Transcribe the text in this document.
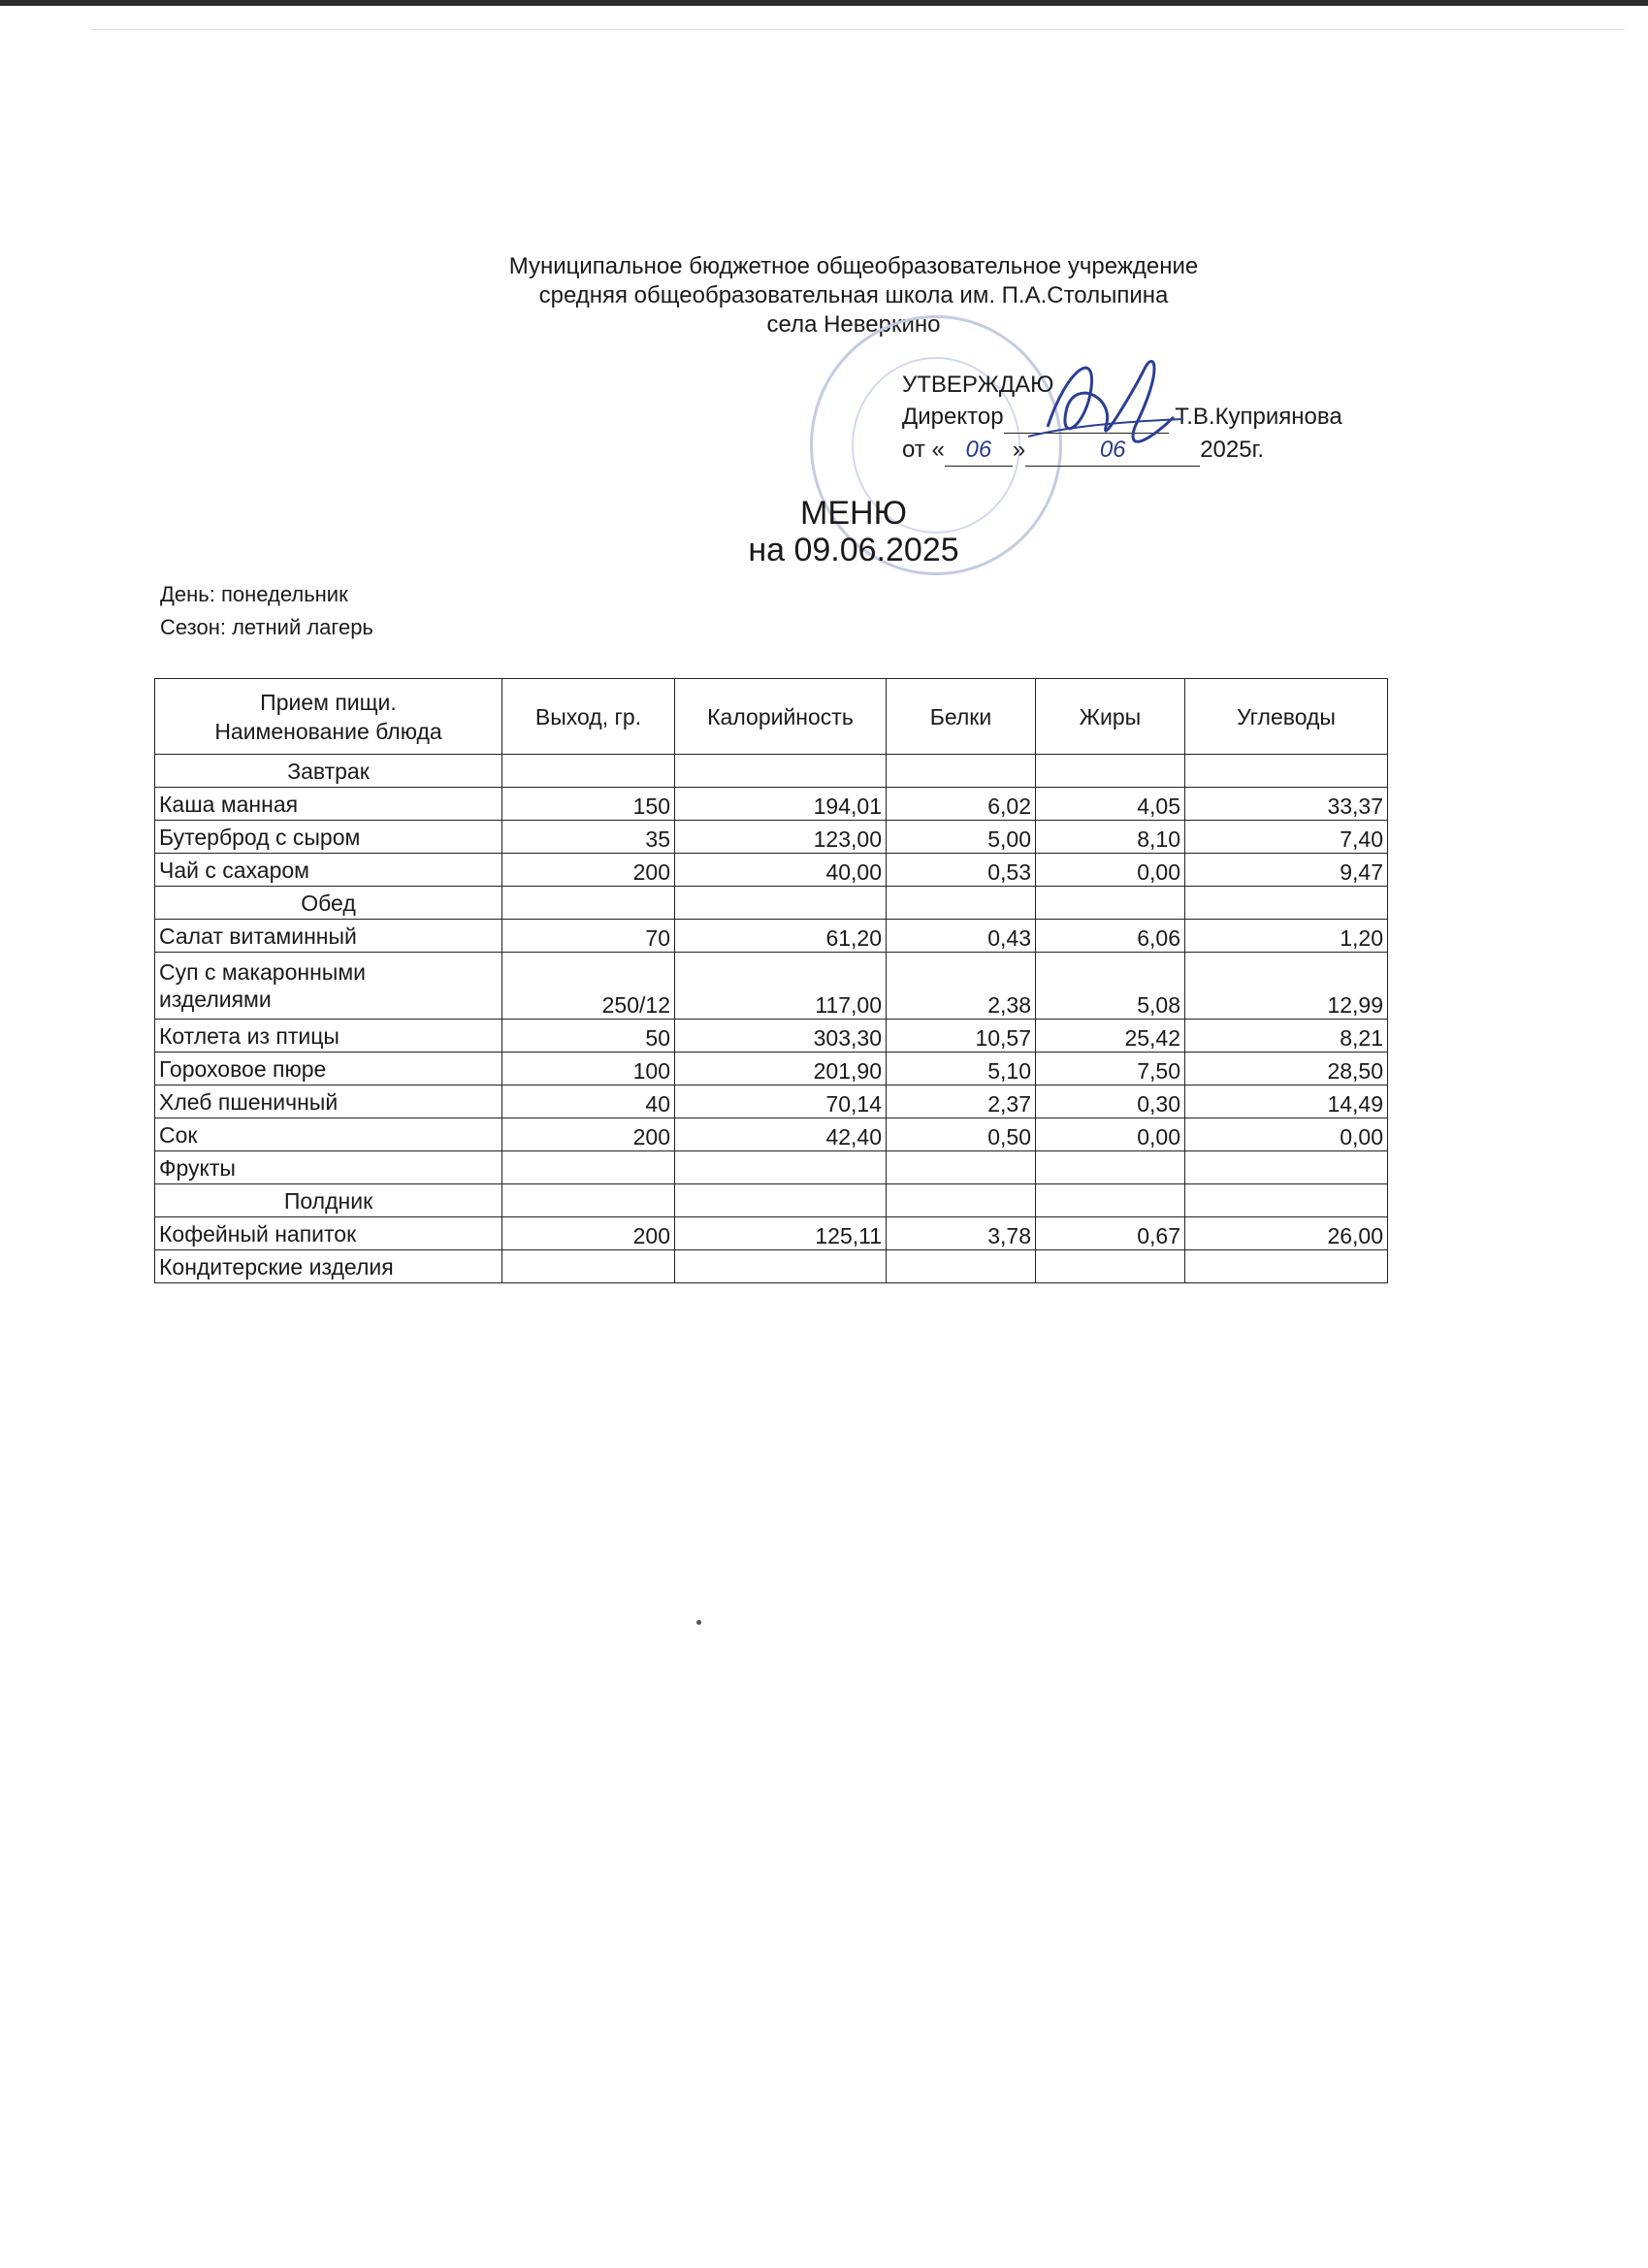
Муниципальное бюджетное общеобразовательное учреждение
средняя общеобразовательная школа им. П.А.Столыпина
села Неверкино
УТВЕРЖДАЮ
Директор	Т.В.Куприянова
от « 06 »	06	2025г.
МЕНЮ
на 09.06.2025
День: понедельник
Сезон: летний лагерь
Прием пищи.
Наименование блюда	Выход, гр.	Калорийность	Белки	Жиры	Углеводы
Завтрак					
Каша манная	150	194,01	6,02	4,05	33,37
Бутерброд с сыром	35	123,00	5,00	8,10	7,40
Чай с сахаром	200	40,00	0,53	0,00	9,47
Обед					
Салат витаминный	70	61,20	0,43	6,06	1,20

Суп с макаронными
изделиями	250/12	117,00	2,38	5,08	12,99
Котлета из птицы	50	303,30	10,57	25,42	8,21
Гороховое пюре	100	201,90	5,10	7,50	28,50
Хлеб пшеничный	40	70,14	2,37	0,30	14,49
Сок	200	42,40	0,50	0,00	0,00
Фрукты					
Полдник					
Кофейный напиток	200	125,11	3,78	0,67	26,00
Кондитерские изделия					
